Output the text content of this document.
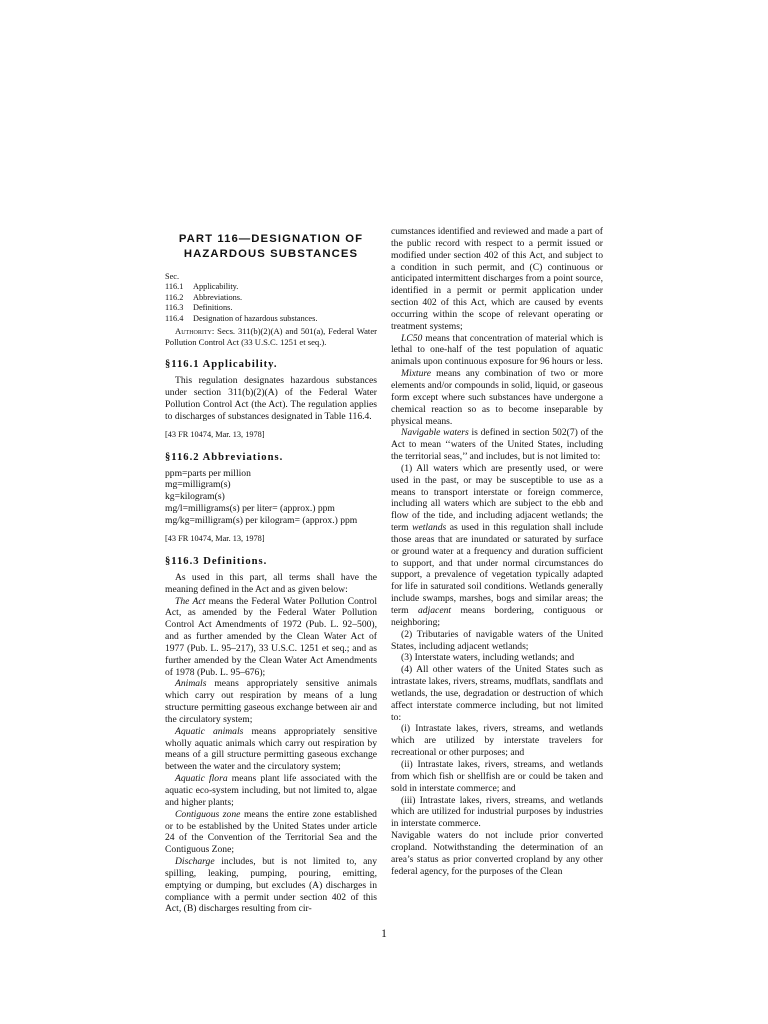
PART 116—DESIGNATION OF
HAZARDOUS SUBSTANCES
Sec.
116.1 Applicability.
116.2 Abbreviations.
116.3 Definitions.
116.4 Designation of hazardous substances.

Authority: Secs. 311(b)(2)(A) and 501(a), Federal Water Pollution Control Act (33 U.S.C. 1251 et seq.).

§116.1 Applicability.

This regulation designates hazardous substances under section 311(b)(2)(A) of the Federal Water Pollution Control Act (the Act). The regulation applies to discharges of substances designated in Table 116.4.

[43 FR 10474, Mar. 13, 1978]

§116.2 Abbreviations.

ppm=parts per million

mg=milligram(s)

kg=kilogram(s)

mg/l=milligrams(s) per liter= (approx.) ppm

mg/kg=milligram(s) per kilogram= (approx.) ppm

[43 FR 10474, Mar. 13, 1978]

§116.3 Definitions.

As used in this part, all terms shall have the meaning defined in the Act and as given below:

The Act means the Federal Water Pollution Control Act, as amended by the Federal Water Pollution Control Act Amendments of 1972 (Pub. L. 92–500), and as further amended by the Clean Water Act of 1977 (Pub. L. 95–217), 33 U.S.C. 1251 et seq.; and as further amended by the Clean Water Act Amendments of 1978 (Pub. L. 95–676);

Animals means appropriately sensitive animals which carry out respiration by means of a lung structure permitting gaseous exchange between air and the circulatory system;

Aquatic animals means appropriately sensitive wholly aquatic animals which carry out respiration by means of a gill structure permitting gaseous exchange between the water and the circulatory system;

Aquatic flora means plant life associated with the aquatic eco-system including, but not limited to, algae and higher plants;

Contiguous zone means the entire zone established or to be established by the United States under article 24 of the Convention of the Territorial Sea and the Contiguous Zone;

Discharge includes, but is not limited to, any spilling, leaking, pumping, pouring, emitting, emptying or dumping, but excludes (A) discharges in compliance with a permit under section 402 of this Act, (B) discharges resulting from cir-

cumstances identified and reviewed and made a part of the public record with respect to a permit issued or modified under section 402 of this Act, and subject to a condition in such permit, and (C) continuous or anticipated intermittent discharges from a point source, identified in a permit or permit application under section 402 of this Act, which are caused by events occurring within the scope of relevant operating or treatment systems;

LC50 means that concentration of material which is lethal to one-half of the test population of aquatic animals upon continuous exposure for 96 hours or less.

Mixture means any combination of two or more elements and/or compounds in solid, liquid, or gaseous form except where such substances have undergone a chemical reaction so as to become inseparable by physical means.

Navigable waters is defined in section 502(7) of the Act to mean ‘‘waters of the United States, including the territorial seas,’’ and includes, but is not limited to:

(1) All waters which are presently used, or were used in the past, or may be susceptible to use as a means to transport interstate or foreign commerce, including all waters which are subject to the ebb and flow of the tide, and including adjacent wetlands; the term wetlands as used in this regulation shall include those areas that are inundated or saturated by surface or ground water at a frequency and duration sufficient to support, and that under normal circumstances do support, a prevalence of vegetation typically adapted for life in saturated soil conditions. Wetlands generally include swamps, marshes, bogs and similar areas; the term adjacent means bordering, contiguous or neighboring;

(2) Tributaries of navigable waters of the United States, including adjacent wetlands;

(3) Interstate waters, including wetlands; and

(4) All other waters of the United States such as intrastate lakes, rivers, streams, mudflats, sandflats and wetlands, the use, degradation or destruction of which affect interstate commerce including, but not limited to:

(i) Intrastate lakes, rivers, streams, and wetlands which are utilized by interstate travelers for recreational or other purposes; and

(ii) Intrastate lakes, rivers, streams, and wetlands from which fish or shellfish are or could be taken and sold in interstate commerce; and

(iii) Intrastate lakes, rivers, streams, and wetlands which are utilized for industrial purposes by industries in interstate commerce.

Navigable waters do not include prior converted cropland. Notwithstanding the determination of an area’s status as prior converted cropland by any other federal agency, for the purposes of the Clean

1
